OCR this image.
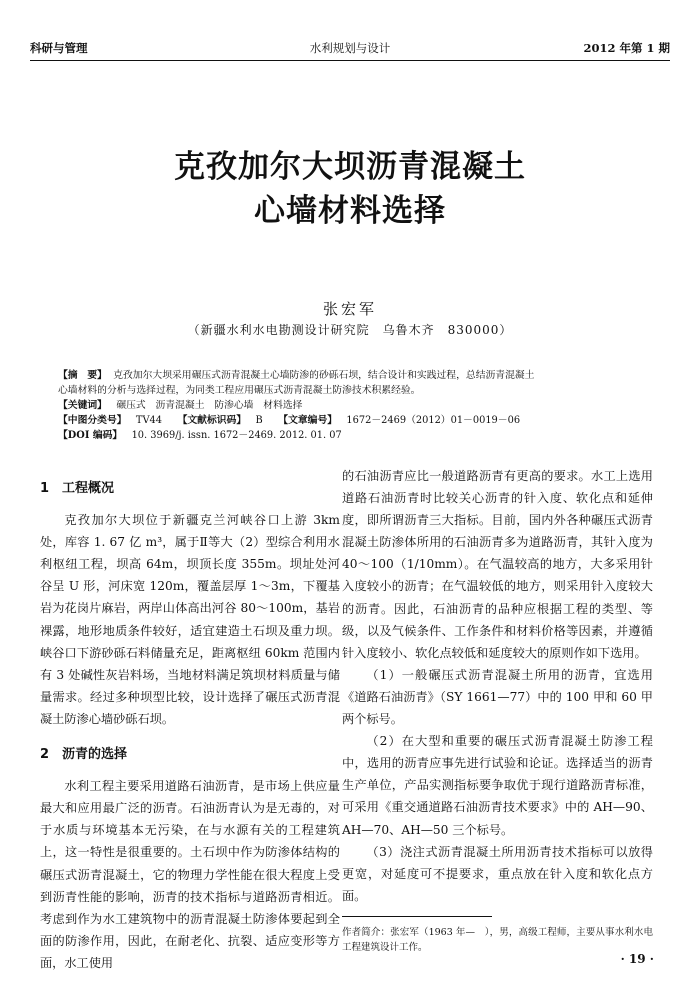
科研与管理	水利规划与设计	2012 年第 1 期
克孜加尔大坝沥青混凝土
心墙材料选择
张宏军
（新疆水利水电勘测设计研究院　乌鲁木齐　830000）
【摘　要】 克孜加尔大坝采用碾压式沥青混凝土心墙防渗的砂砾石坝，结合设计和实践过程，总结沥青混凝土
心墙材料的分析与选择过程，为同类工程应用碾压式沥青混凝土防渗技术积累经验。
【关键词】 碾压式　沥青混凝土　防渗心墙　材料选择
【中图分类号】 TV44 【文献标识码】 B 【文章编号】 1672－2469（2012）01－0019－06
【DOI 编码】 10. 3969/j. issn. 1672－2469. 2012. 01. 07
1 工程概况

克孜加尔大坝位于新疆克兰河峡谷口上游 3km 处，库容 1. 67 亿 m³，属于Ⅱ等大（2）型综合利用水利枢纽工程，坝高 64m，坝顶长度 355m。坝址处河谷呈 U 形，河床宽 120m，覆盖层厚 1～3m，下覆基岩为花岗片麻岩，两岸山体高出河谷 80～100m，基岩裸露，地形地质条件较好，适宜建造土石坝及重力坝。峡谷口下游砂砾石料储量充足，距离枢纽 60km 范围内有 3 处碱性灰岩料场，当地材料满足筑坝材料质量与储量需求。经过多种坝型比较，设计选择了碾压式沥青混凝土防渗心墙砂砾石坝。

2 沥青的选择

水利工程主要采用道路石油沥青，是市场上供应量最大和应用最广泛的沥青。石油沥青认为是无毒的，对于水质与环境基本无污染，在与水源有关的工程建筑上，这一特性是很重要的。土石坝中作为防渗体结构的碾压式沥青混凝土，它的物理力学性能在很大程度上受到沥青性能的影响，沥青的技术指标与道路沥青相近。考虑到作为水工建筑物中的沥青混凝土防渗体要起到全面的防渗作用，因此，在耐老化、抗裂、适应变形等方面，水工使用

的石油沥青应比一般道路沥青有更高的要求。水工上选用道路石油沥青时比较关心沥青的针入度、软化点和延伸度，即所谓沥青三大指标。目前，国内外各种碾压式沥青混凝土防渗体所用的石油沥青多为道路沥青，其针入度为 40～100（1/10mm）。在气温较高的地方，大多采用针入度较小的沥青；在气温较低的地方，则采用针入度较大的沥青。因此，石油沥青的品种应根据工程的类型、等级，以及气候条件、工作条件和材料价格等因素，并遵循针入度较小、软化点较低和延度较大的原则作如下选用。

（1）一般碾压式沥青混凝土所用的沥青，宜选用《道路石油沥青》（SY 1661—77）中的 100 甲和 60 甲两个标号。

（2）在大型和重要的碾压式沥青混凝土防渗工程中，选用的沥青应事先进行试验和论证。选择适当的沥青生产单位，产品实测指标要争取优于现行道路沥青标准，可采用《重交通道路石油沥青技术要求》中的 AH—90、AH—70、AH—50 三个标号。

（3）浇注式沥青混凝土所用沥青技术指标可以放得更宽，对延度可不提要求，重点放在针入度和软化点方面。

作者简介：张宏军（1963 年—　），男，高级工程师，主要从事水利水电工程建筑设计工作。
· 19 ·
